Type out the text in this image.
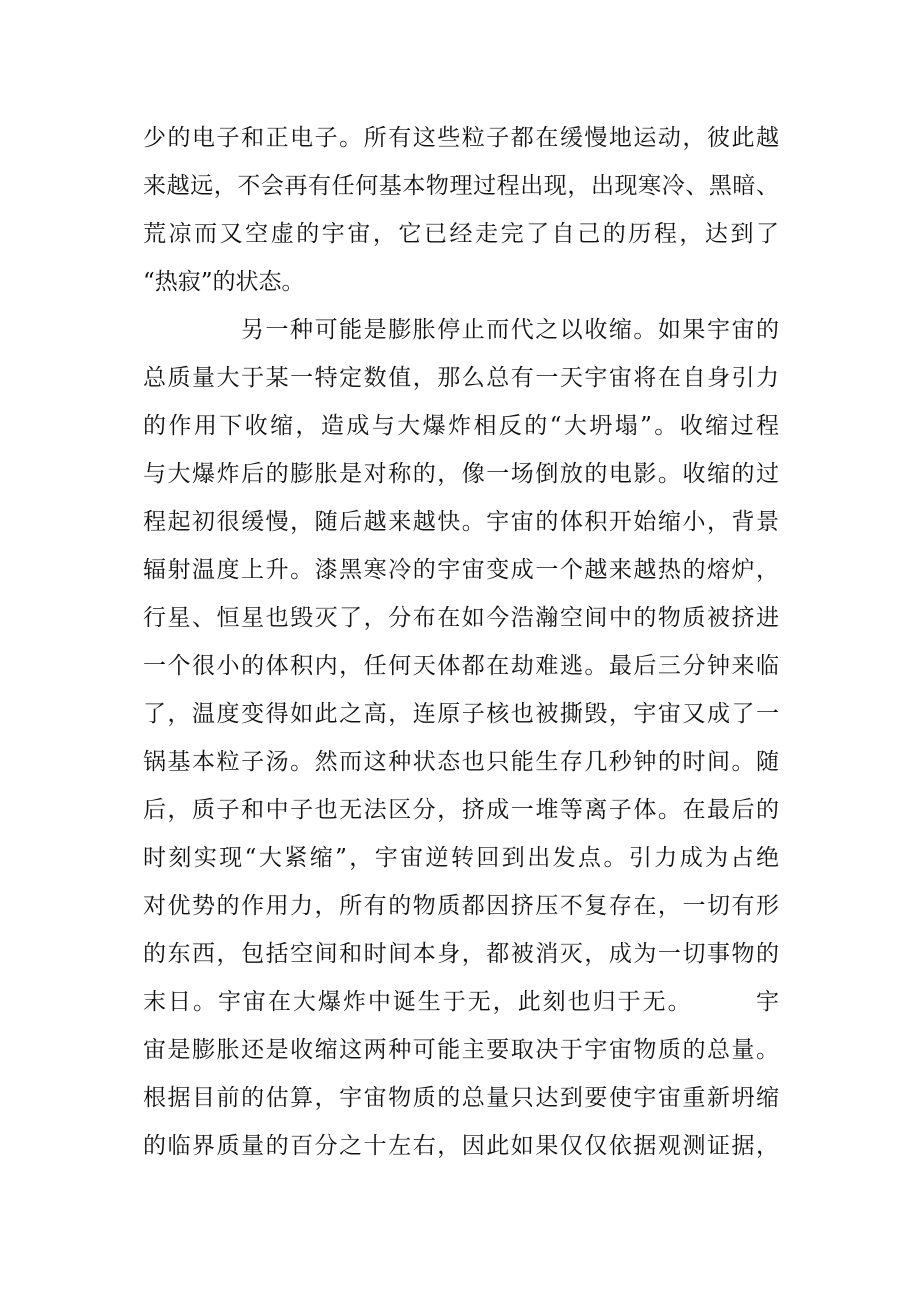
少的电子和正电子。所有这些粒子都在缓慢地运动，彼此越
来越远，不会再有任何基本物理过程出现，出现寒冷、黑暗、
荒凉而又空虚的宇宙，它已经走完了自己的历程，达到了
“热寂”的状态。
另一种可能是膨胀停止而代之以收缩。如果宇宙的
总质量大于某一特定数值，那么总有一天宇宙将在自身引力
的作用下收缩，造成与大爆炸相反的“大坍塌”。收缩过程
与大爆炸后的膨胀是对称的，像一场倒放的电影。收缩的过
程起初很缓慢，随后越来越快。宇宙的体积开始缩小，背景
辐射温度上升。漆黑寒冷的宇宙变成一个越来越热的熔炉，
行星、恒星也毁灭了，分布在如今浩瀚空间中的物质被挤进
一个很小的体积内，任何天体都在劫难逃。最后三分钟来临
了，温度变得如此之高，连原子核也被撕毁，宇宙又成了一
锅基本粒子汤。然而这种状态也只能生存几秒钟的时间。随
后，质子和中子也无法区分，挤成一堆等离子体。在最后的
时刻实现“大紧缩”，宇宙逆转回到出发点。引力成为占绝
对优势的作用力，所有的物质都因挤压不复存在，一切有形
的东西，包括空间和时间本身，都被消灭，成为一切事物的
末日。宇宙在大爆炸中诞生于无，此刻也归于无。　　　宇
宙是膨胀还是收缩这两种可能主要取决于宇宙物质的总量。
根据目前的估算，宇宙物质的总量只达到要使宇宙重新坍缩
的临界质量的百分之十左右，因此如果仅仅依据观测证据，
